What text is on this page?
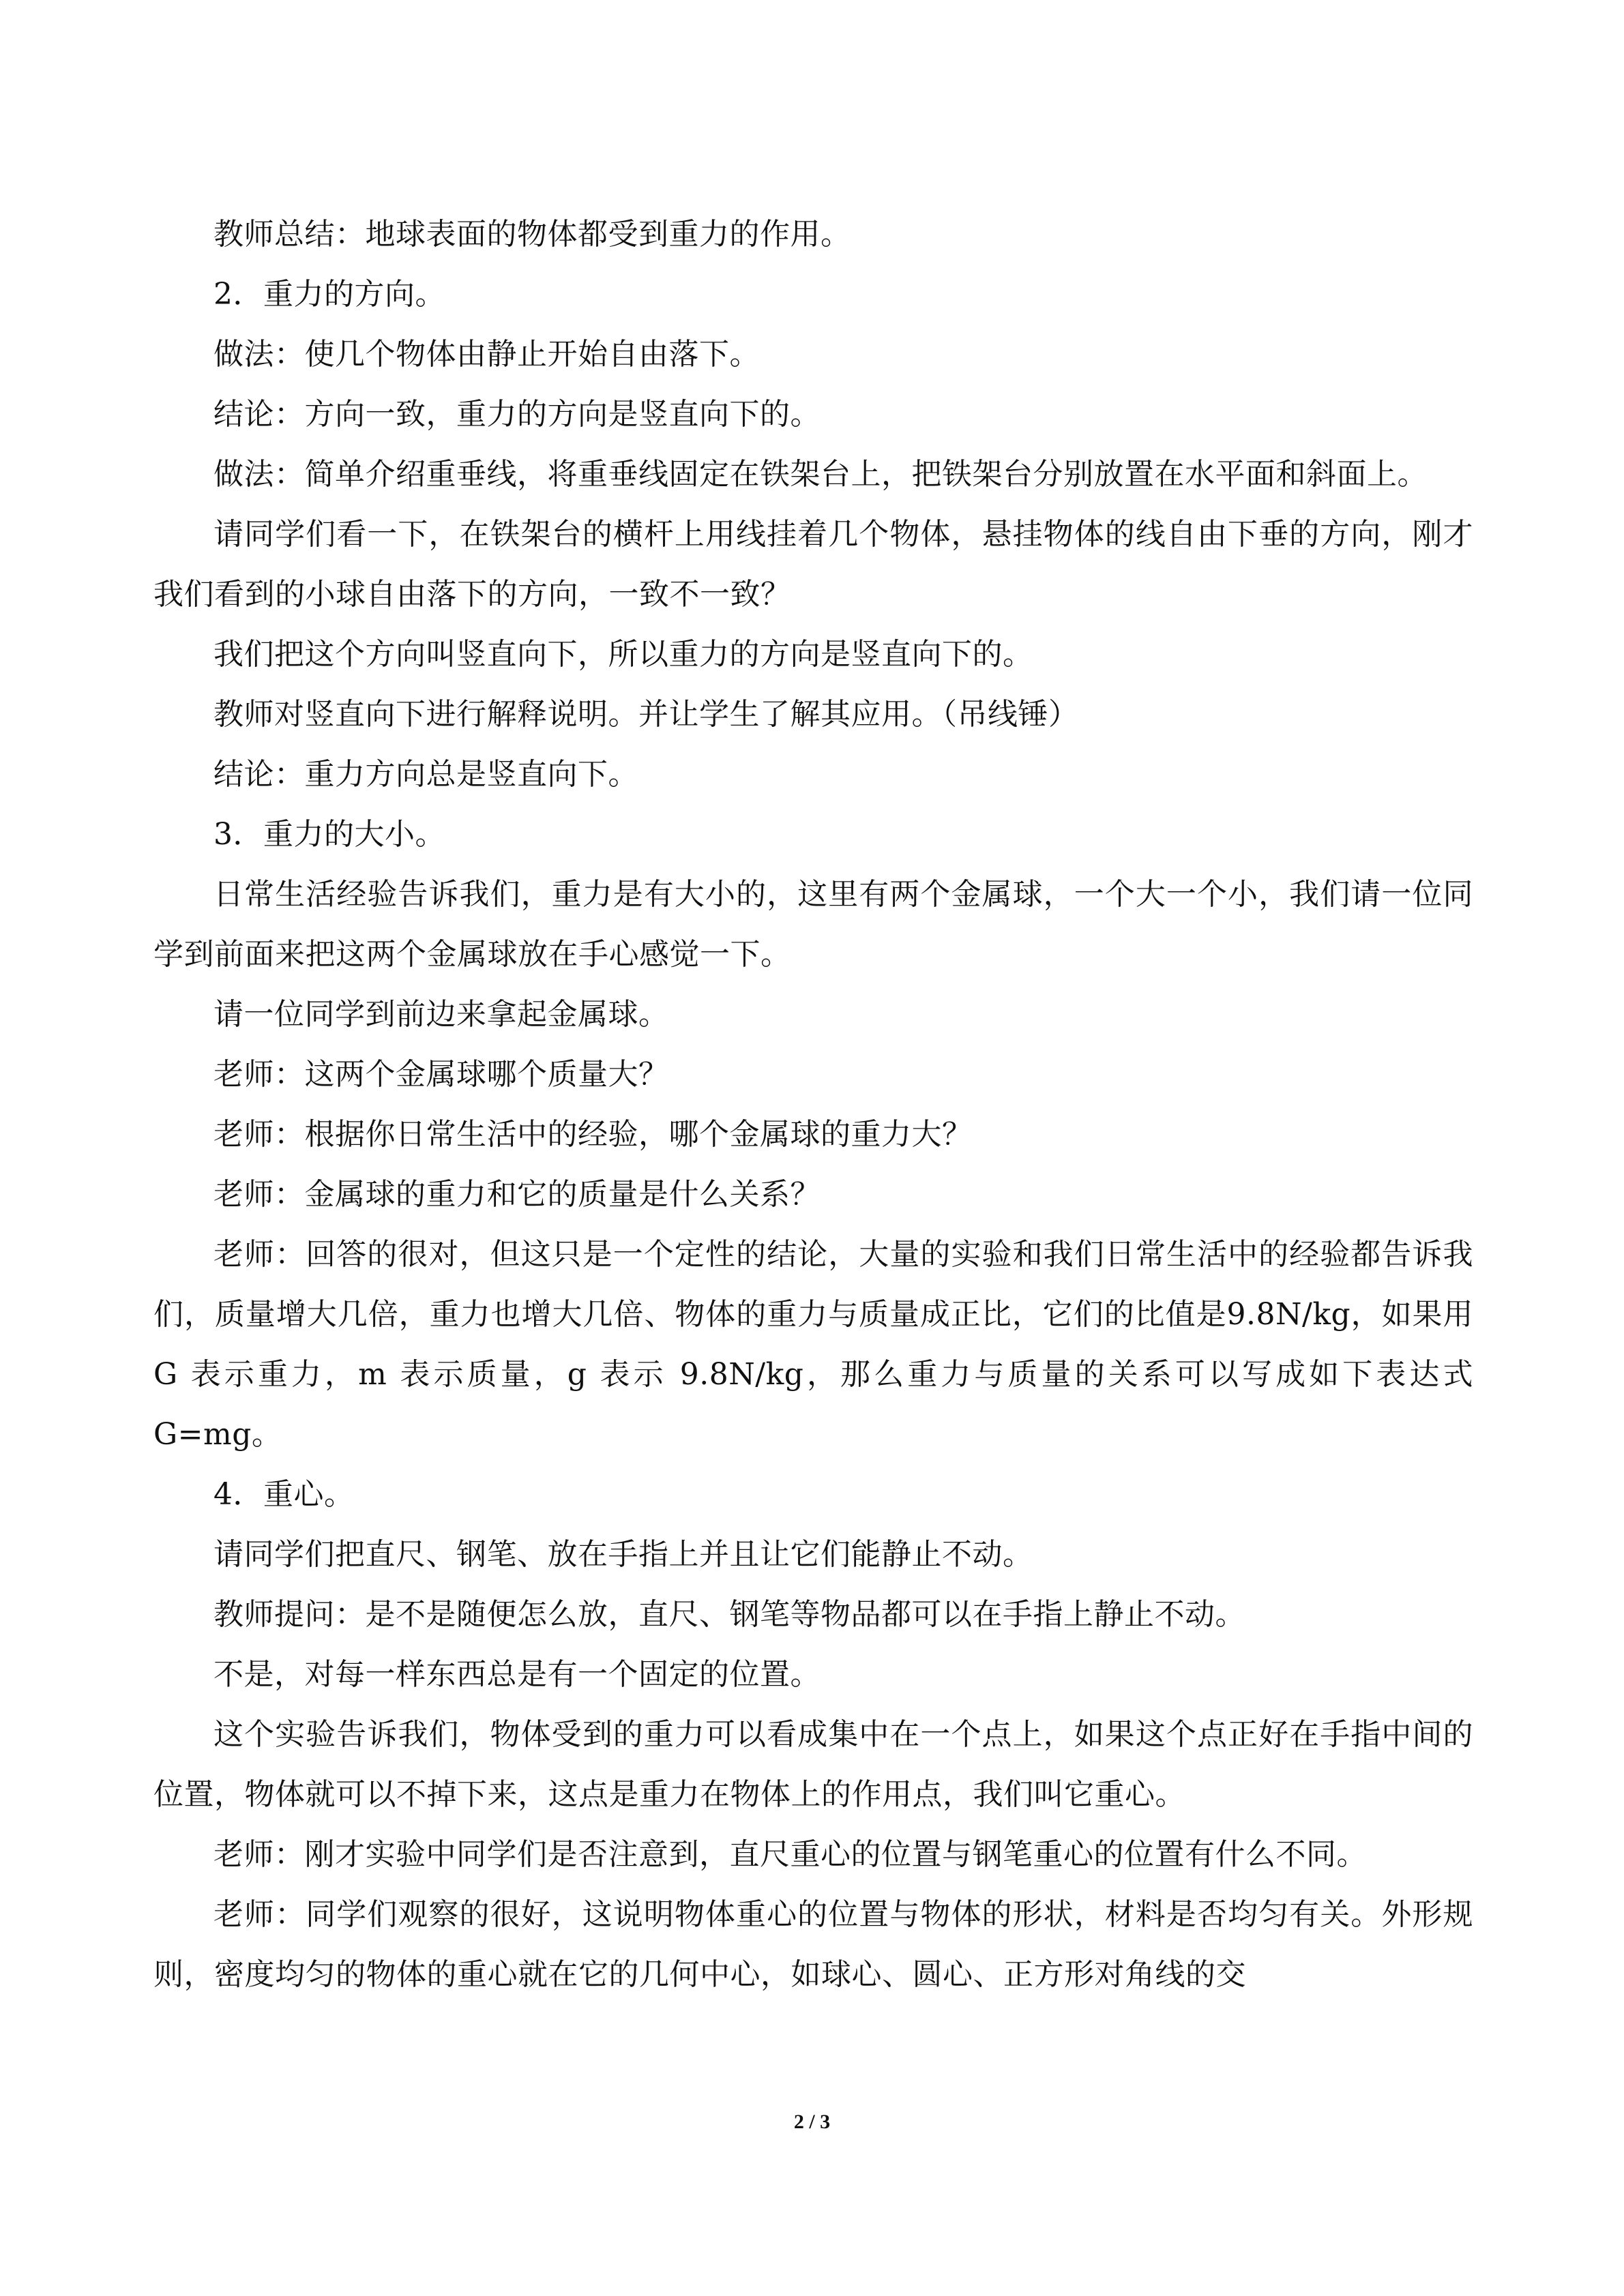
教师总结：地球表面的物体都受到重力的作用。

2．重力的方向。

做法：使几个物体由静止开始自由落下。

结论：方向一致，重力的方向是竖直向下的。

做法：简单介绍重垂线，将重垂线固定在铁架台上，把铁架台分别放置在水平面和斜面上。

请同学们看一下，在铁架台的横杆上用线挂着几个物体，悬挂物体的线自由下垂的方向，刚才我们看到的小球自由落下的方向，一致不一致？

我们把这个方向叫竖直向下，所以重力的方向是竖直向下的。

教师对竖直向下进行解释说明。并让学生了解其应用。（吊线锤）

结论：重力方向总是竖直向下。

3．重力的大小。

日常生活经验告诉我们，重力是有大小的，这里有两个金属球，一个大一个小，我们请一位同学到前面来把这两个金属球放在手心感觉一下。

请一位同学到前边来拿起金属球。

老师：这两个金属球哪个质量大？

老师：根据你日常生活中的经验，哪个金属球的重力大？

老师：金属球的重力和它的质量是什么关系？

老师：回答的很对，但这只是一个定性的结论，大量的实验和我们日常生活中的经验都告诉我们，质量增大几倍，重力也增大几倍、物体的重力与质量成正比，它们的比值是9.8N/kg，如果用 G 表示重力，m 表示质量，g 表示 9.8N/kg，那么重力与质量的关系可以写成如下表达式 G=mg。

4．重心。

请同学们把直尺、钢笔、放在手指上并且让它们能静止不动。

教师提问：是不是随便怎么放，直尺、钢笔等物品都可以在手指上静止不动。

不是，对每一样东西总是有一个固定的位置。

这个实验告诉我们，物体受到的重力可以看成集中在一个点上，如果这个点正好在手指中间的位置，物体就可以不掉下来，这点是重力在物体上的作用点，我们叫它重心。

老师：刚才实验中同学们是否注意到，直尺重心的位置与钢笔重心的位置有什么不同。

老师：同学们观察的很好，这说明物体重心的位置与物体的形状，材料是否均匀有关。外形规则，密度均匀的物体的重心就在它的几何中心，如球心、圆心、正方形对角线的交

2 / 3
